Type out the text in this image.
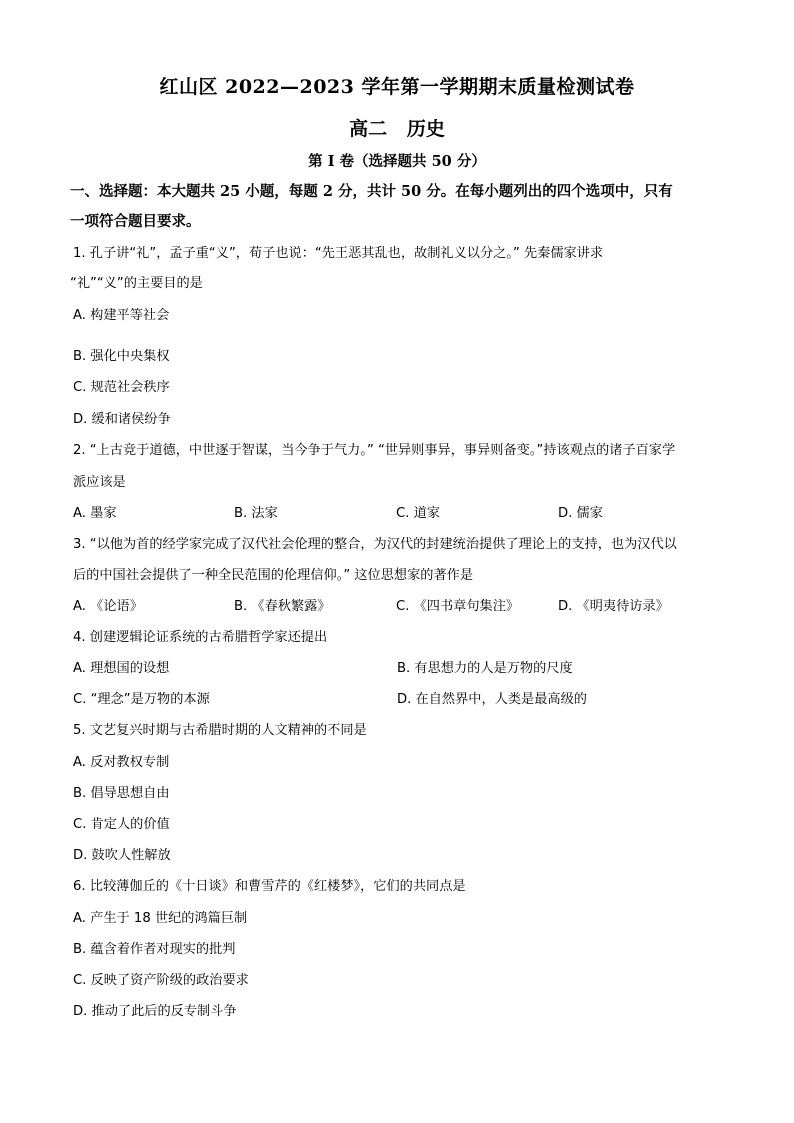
红山区 2022—2023 学年第一学期期末质量检测试卷
高二   历史
第 I 卷（选择题共 50 分）
一、选择题：本大题共 25 小题，每题 2 分，共计 50 分。在每小题列出的四个选项中，只有
一项符合题目要求。
1. 孔子讲“礼”，孟子重“义”，荀子也说：“先王恶其乱也，故制礼义以分之。” 先秦儒家讲求
“礼”“义”的主要目的是
A. 构建平等社会
B. 强化中央集权
C. 规范社会秩序
D. 缓和诸侯纷争
2. “上古竞于道德，中世逐于智谋，当今争于气力。” “世异则事异，事异则备变。”持该观点的诸子百家学
派应该是
A. 墨家	B. 法家	C. 道家	D. 儒家
3. “以他为首的经学家完成了汉代社会伦理的整合，为汉代的封建统治提供了理论上的支持，也为汉代以
后的中国社会提供了一种全民范围的伦理信仰。” 这位思想家的著作是
A. 《论语》	B. 《春秋繁露》	C. 《四书章句集注》	D. 《明夷待访录》
4. 创建逻辑论证系统的古希腊哲学家还提出
A. 理想国的设想	B. 有思想力的人是万物的尺度
C. “理念”是万物的本源	D. 在自然界中，人类是最高级的
5. 文艺复兴时期与古希腊时期的人文精神的不同是
A. 反对教权专制
B. 倡导思想自由
C. 肯定人的价值
D. 鼓吹人性解放
6. 比较薄伽丘的《十日谈》和曹雪芹的《红楼梦》，它们的共同点是
A. 产生于 18 世纪的鸿篇巨制
B. 蕴含着作者对现实的批判
C. 反映了资产阶级的政治要求
D. 推动了此后的反专制斗争
